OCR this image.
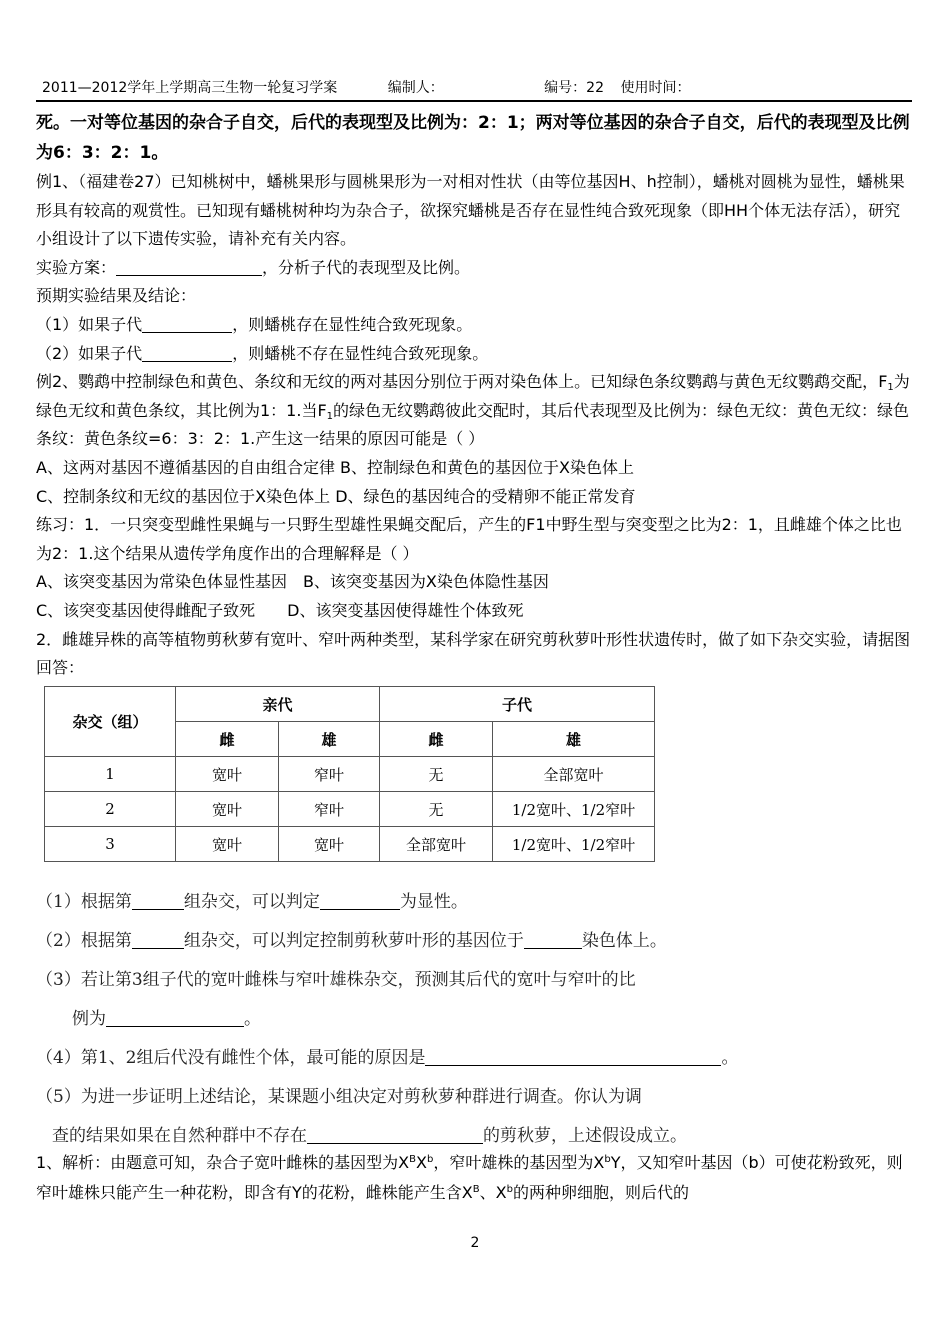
2011—2012学年上学期高三生物一轮复习学案	编制人：	编号：22 使用时间：

死。一对等位基因的杂合子自交，后代的表现型及比例为：2：1；两对等位基因的杂合子自交，后代的表现型及比例为6：3：2：1。

例1、（福建卷27）已知桃树中，蟠桃果形与圆桃果形为一对相对性状（由等位基因H、h控制），蟠桃对圆桃为显性，蟠桃果形具有较高的观赏性。已知现有蟠桃树种均为杂合子，欲探究蟠桃是否存在显性纯合致死现象（即HH个体无法存活），研究小组设计了以下遗传实验，请补充有关内容。

实验方案：	，分析子代的表现型及比例。

预期实验结果及结论：

（1）如果子代	，则蟠桃存在显性纯合致死现象。

（2）如果子代	，则蟠桃不存在显性纯合致死现象。

例2、鹦鹉中控制绿色和黄色、条纹和无纹的两对基因分别位于两对染色体上。已知绿色条纹鹦鹉与黄色无纹鹦鹉交配，$F_1$为绿色无纹和黄色条纹，其比例为1：1.当$F_1$的绿色无纹鹦鹉彼此交配时，其后代表现型及比例为：绿色无纹：黄色无纹：绿色条纹：黄色条纹=6：3：2：1.产生这一结果的原因可能是（ ）

A、这两对基因不遵循基因的自由组合定律 B、控制绿色和黄色的基因位于X染色体上

C、控制条纹和无纹的基因位于X染色体上 D、绿色的基因纯合的受精卵不能正常发育

练习：1．一只突变型雌性果蝇与一只野生型雄性果蝇交配后，产生的F1中野生型与突变型之比为2：1，且雌雄个体之比也为2：1.这个结果从遗传学角度作出的合理解释是（ ）

A、该突变基因为常染色体显性基因　B、该突变基因为X染色体隐性基因

C、该突变基因使得雌配子致死　　D、该突变基因使得雄性个体致死

2．雌雄异株的高等植物剪秋萝有宽叶、窄叶两种类型，某科学家在研究剪秋萝叶形性状遗传时，做了如下杂交实验，请据图回答：

杂交（组）	亲代		子代	
	雌	雄	雌	雄
1	宽叶	窄叶	无	全部宽叶
2	宽叶	窄叶	无	1/2宽叶、1/2窄叶
3	宽叶	宽叶	全部宽叶	1/2宽叶、1/2窄叶

（1）根据第	组杂交，可以判定	为显性。

（2）根据第	组杂交，可以判定控制剪秋萝叶形的基因位于	染色体上。

（3）若让第3组子代的宽叶雌株与窄叶雄株杂交，预测其后代的宽叶与窄叶的比

例为	。

（4）第1、2组后代没有雌性个体，最可能的原因是	。

（5）为进一步证明上述结论，某课题小组决定对剪秋萝种群进行调查。你认为调

查的结果如果在自然种群中不存在	的剪秋萝，上述假设成立。

1、解析：由题意可知，杂合子宽叶雌株的基因型为$X^BX^b$，窄叶雄株的基因型为$X^bY$，又知窄叶基因（b）可使花粉致死，则窄叶雄株只能产生一种花粉，即含有Y的花粉，雌株能产生含$X^B$、$X^b$的两种卵细胞，则后代的

2
